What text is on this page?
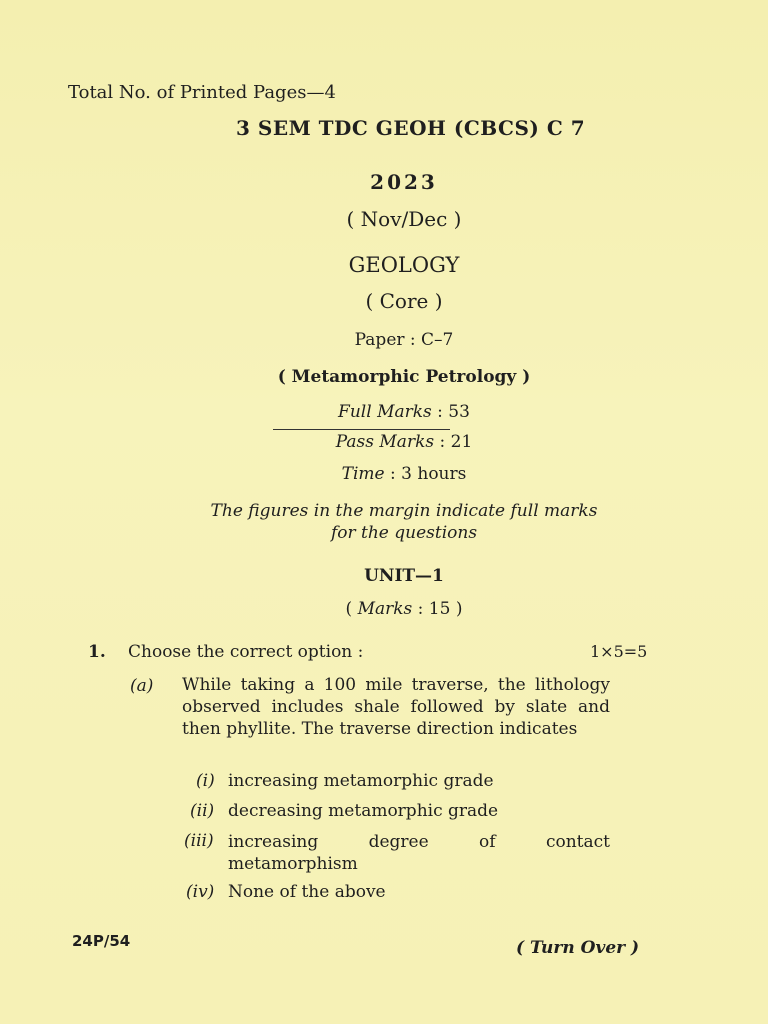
Total No. of Printed Pages—4
3 SEM TDC GEOH (CBCS) C 7
2023
( Nov/Dec )
GEOLOGY
( Core )
Paper : C–7
( Metamorphic Petrology )
Full Marks : 53
Pass Marks : 21
Time : 3 hours
The figures in the margin indicate full marks
for the questions
UNIT—1
( Marks : 15 )
1. Choose the correct option :	1×5=5
(a) While taking a 100 mile traverse, the lithology observed includes shale followed by slate and then phyllite. The traverse direction indicates
(i) increasing metamorphic grade
(ii) decreasing metamorphic grade
(iii) increasing degree of contact
metamorphism
(iv) None of the above
24P/54	( Turn Over )
